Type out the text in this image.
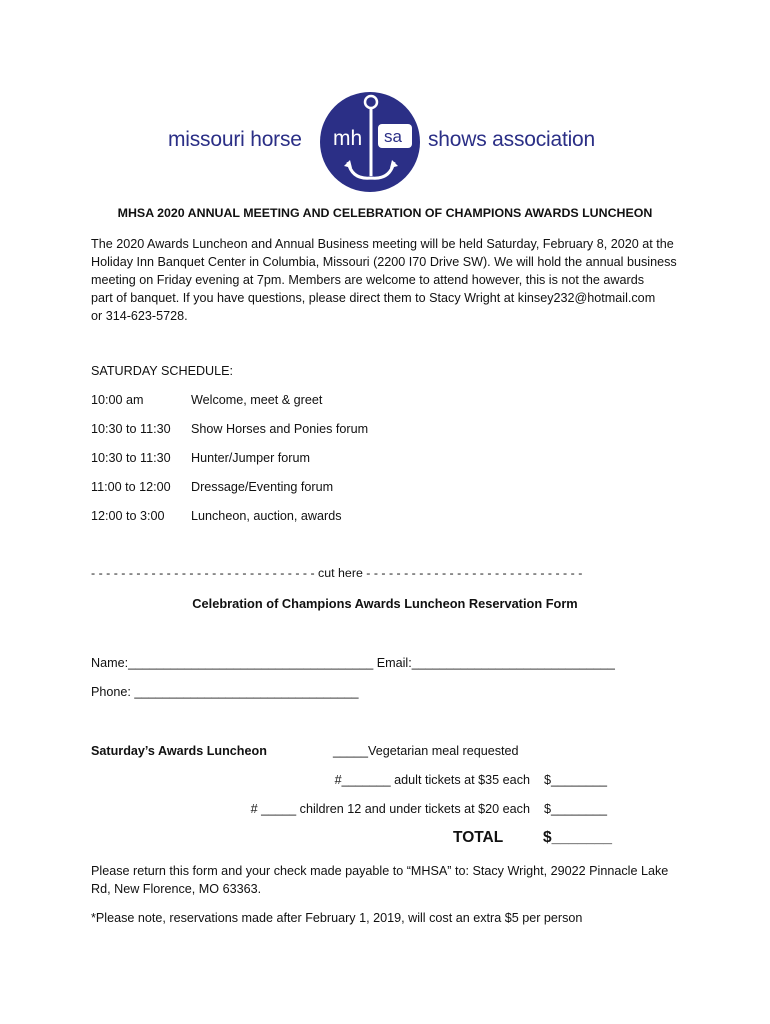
missouri horse mh sa shows association
MHSA 2020 ANNUAL MEETING AND CELEBRATION OF CHAMPIONS AWARDS LUNCHEON
The 2020 Awards Luncheon and Annual Business meeting will be held Saturday, February 8, 2020 at the
Holiday Inn Banquet Center in Columbia, Missouri (2200 I70 Drive SW). We will hold the annual business
meeting on Friday evening at 7pm. Members are welcome to attend however, this is not the awards
part of banquet. If you have questions, please direct them to Stacy Wright at kinsey232@hotmail.com
or 314-623-5728.
SATURDAY SCHEDULE:
10:00 am	Welcome, meet & greet
10:30 to 11:30 Show Horses and Ponies forum
10:30 to 11:30 Hunter/Jumper forum
11:00 to 12:00 Dressage/Eventing forum
12:00 to 3:00 Luncheon, auction, awards
- - - - - - - - - - - - - - - - - - - - - - - - - - - - - - cut here - - - - - - - - - - - - - - - - - - - - - - - - - - - - -
Celebration of Champions Awards Luncheon Reservation Form
Name:___________________________________ Email:_____________________________
Phone: ________________________________
Saturday’s Awards Luncheon	_____Vegetarian meal requested
#_______ adult tickets at $35 each $________
# _____ children 12 and under tickets at $20 each $________
TOTAL	$_______
Please return this form and your check made payable to “MHSA” to: Stacy Wright, 29022 Pinnacle Lake
Rd, New Florence, MO 63363.
*Please note, reservations made after February 1, 2019, will cost an extra $5 per person
